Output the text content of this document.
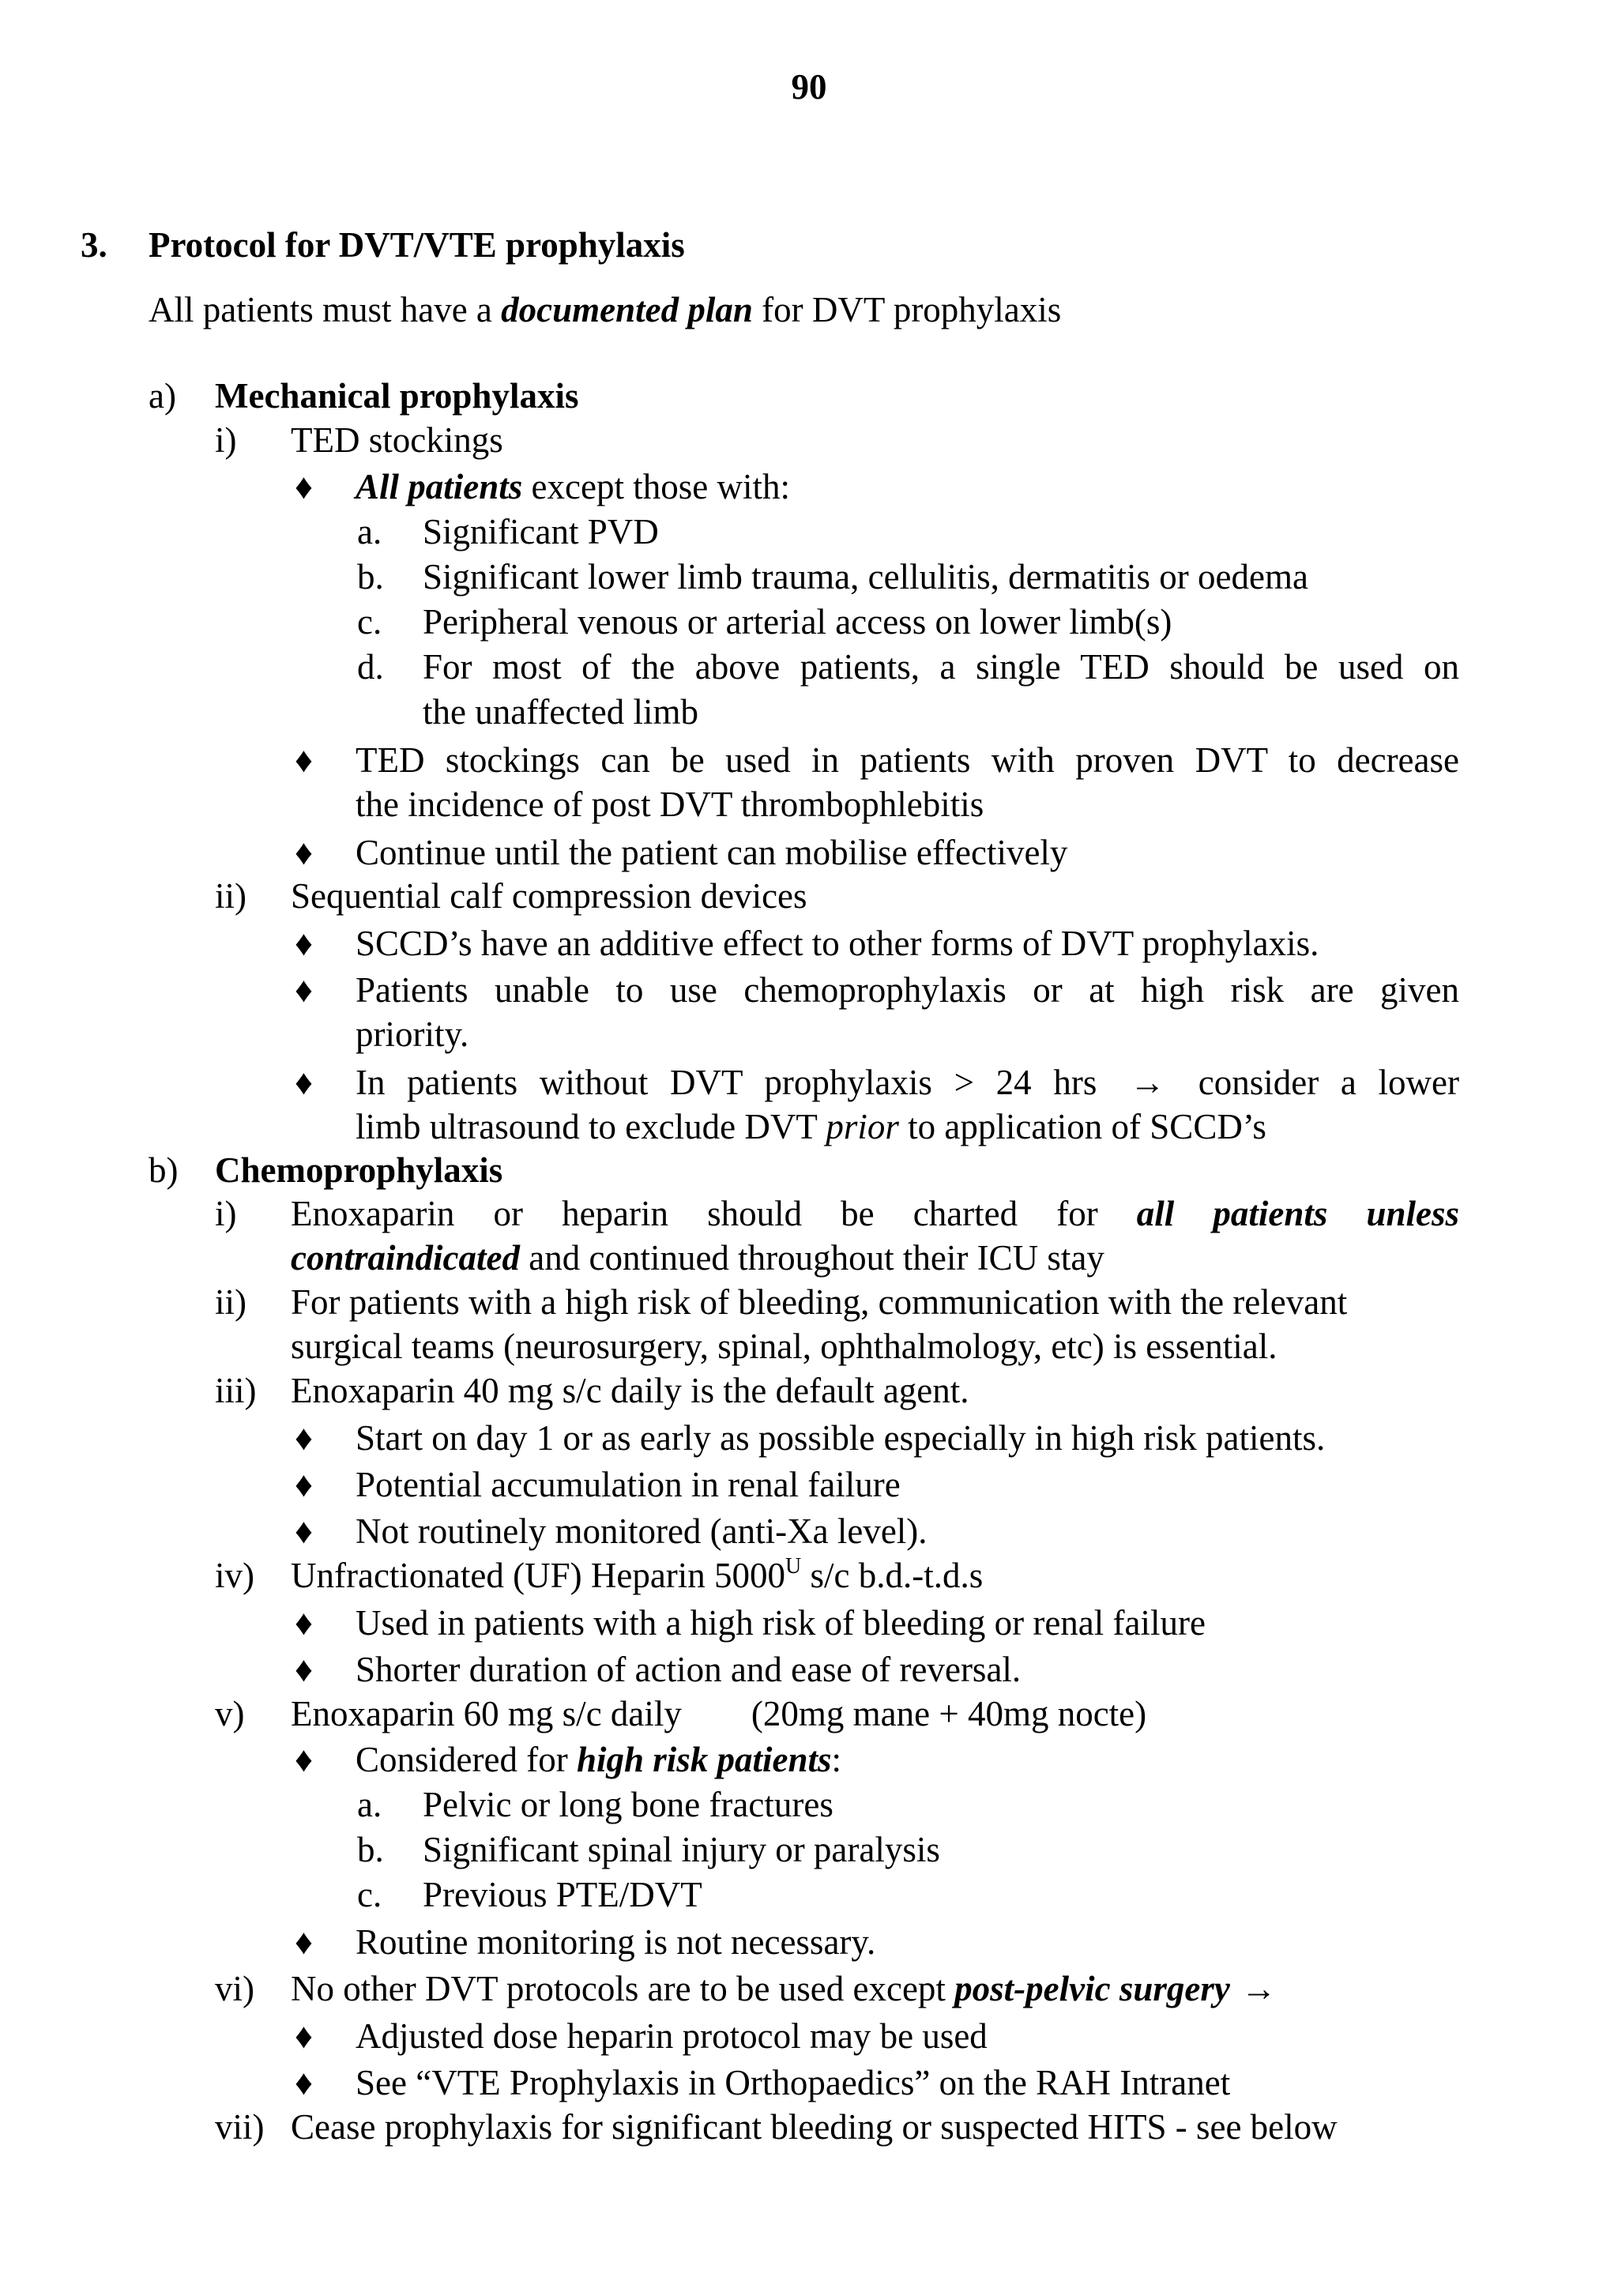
90
3. Protocol for DVT/VTE prophylaxis
All patients must have a documented plan for DVT prophylaxis
a) Mechanical prophylaxis
i) TED stockings
♦ All patients except those with:
a. Significant PVD
b. Significant lower limb trauma, cellulitis, dermatitis or oedema
c. Peripheral venous or arterial access on lower limb(s)
d. For most of the above patients, a single TED should be used on
the unaffected limb
♦ TED stockings can be used in patients with proven DVT to decrease
the incidence of post DVT thrombophlebitis
♦ Continue until the patient can mobilise effectively
ii) Sequential calf compression devices
♦ SCCD’s have an additive effect to other forms of DVT prophylaxis.
♦ Patients unable to use chemoprophylaxis or at high risk are given
priority.
♦ In patients without DVT prophylaxis > 24 hrs → consider a lower
limb ultrasound to exclude DVT prior to application of SCCD’s
b) Chemoprophylaxis
i) Enoxaparin or heparin should be charted for all patients unless
contraindicated and continued throughout their ICU stay
ii) For patients with a high risk of bleeding, communication with the relevant
surgical teams (neurosurgery, spinal, ophthalmology, etc) is essential.
iii) Enoxaparin 40 mg s/c daily is the default agent.
♦ Start on day 1 or as early as possible especially in high risk patients.
♦ Potential accumulation in renal failure
♦ Not routinely monitored (anti-Xa level).
iv) Unfractionated (UF) Heparin $5000^U$ s/c b.d.-t.d.s
♦ Used in patients with a high risk of bleeding or renal failure
♦ Shorter duration of action and ease of reversal.
v) Enoxaparin 60 mg s/c daily (20mg mane + 40mg nocte)
♦ Considered for high risk patients:
a. Pelvic or long bone fractures
b. Significant spinal injury or paralysis
c. Previous PTE/DVT
♦ Routine monitoring is not necessary.
vi) No other DVT protocols are to be used except post-pelvic surgery →
♦ Adjusted dose heparin protocol may be used
♦ See “VTE Prophylaxis in Orthopaedics” on the RAH Intranet
vii) Cease prophylaxis for significant bleeding or suspected HITS - see below
